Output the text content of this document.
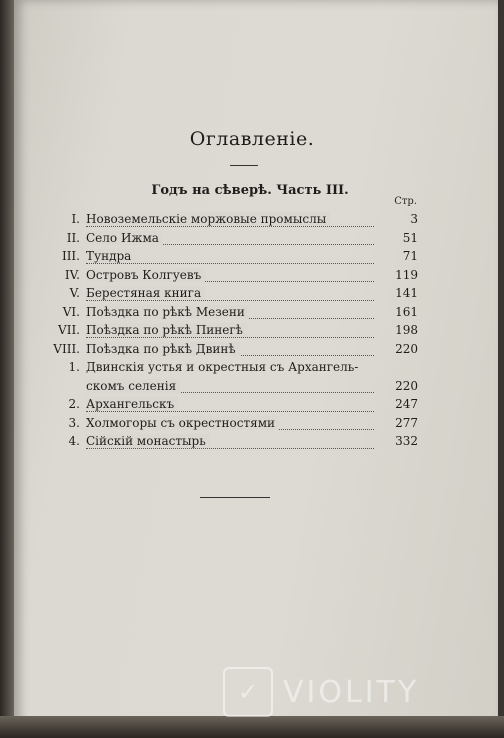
Оглавленіе.
Годъ на сѣверѣ. Часть III.
Стр.
I. Новоземельскіе моржовые промыслы	3
II. Село Ижма	51
III. Тундра	71
IV. Островъ Колгуевъ	119
V. Берестяная книга	141
VI. Поѣздка по рѣкѣ Мезени	161
VII. Поѣздка по рѣкѣ Пинегѣ	198
VIII. Поѣздка по рѣкѣ Двинѣ	220
1. Двинскія устья и окрестныя съ Архангель-
скомъ селенія	220
2. Архангельскъ	247
3. Холмогоры съ окрестностями	277
4. Сійскій монастырь	332
✓ VIOLITY
